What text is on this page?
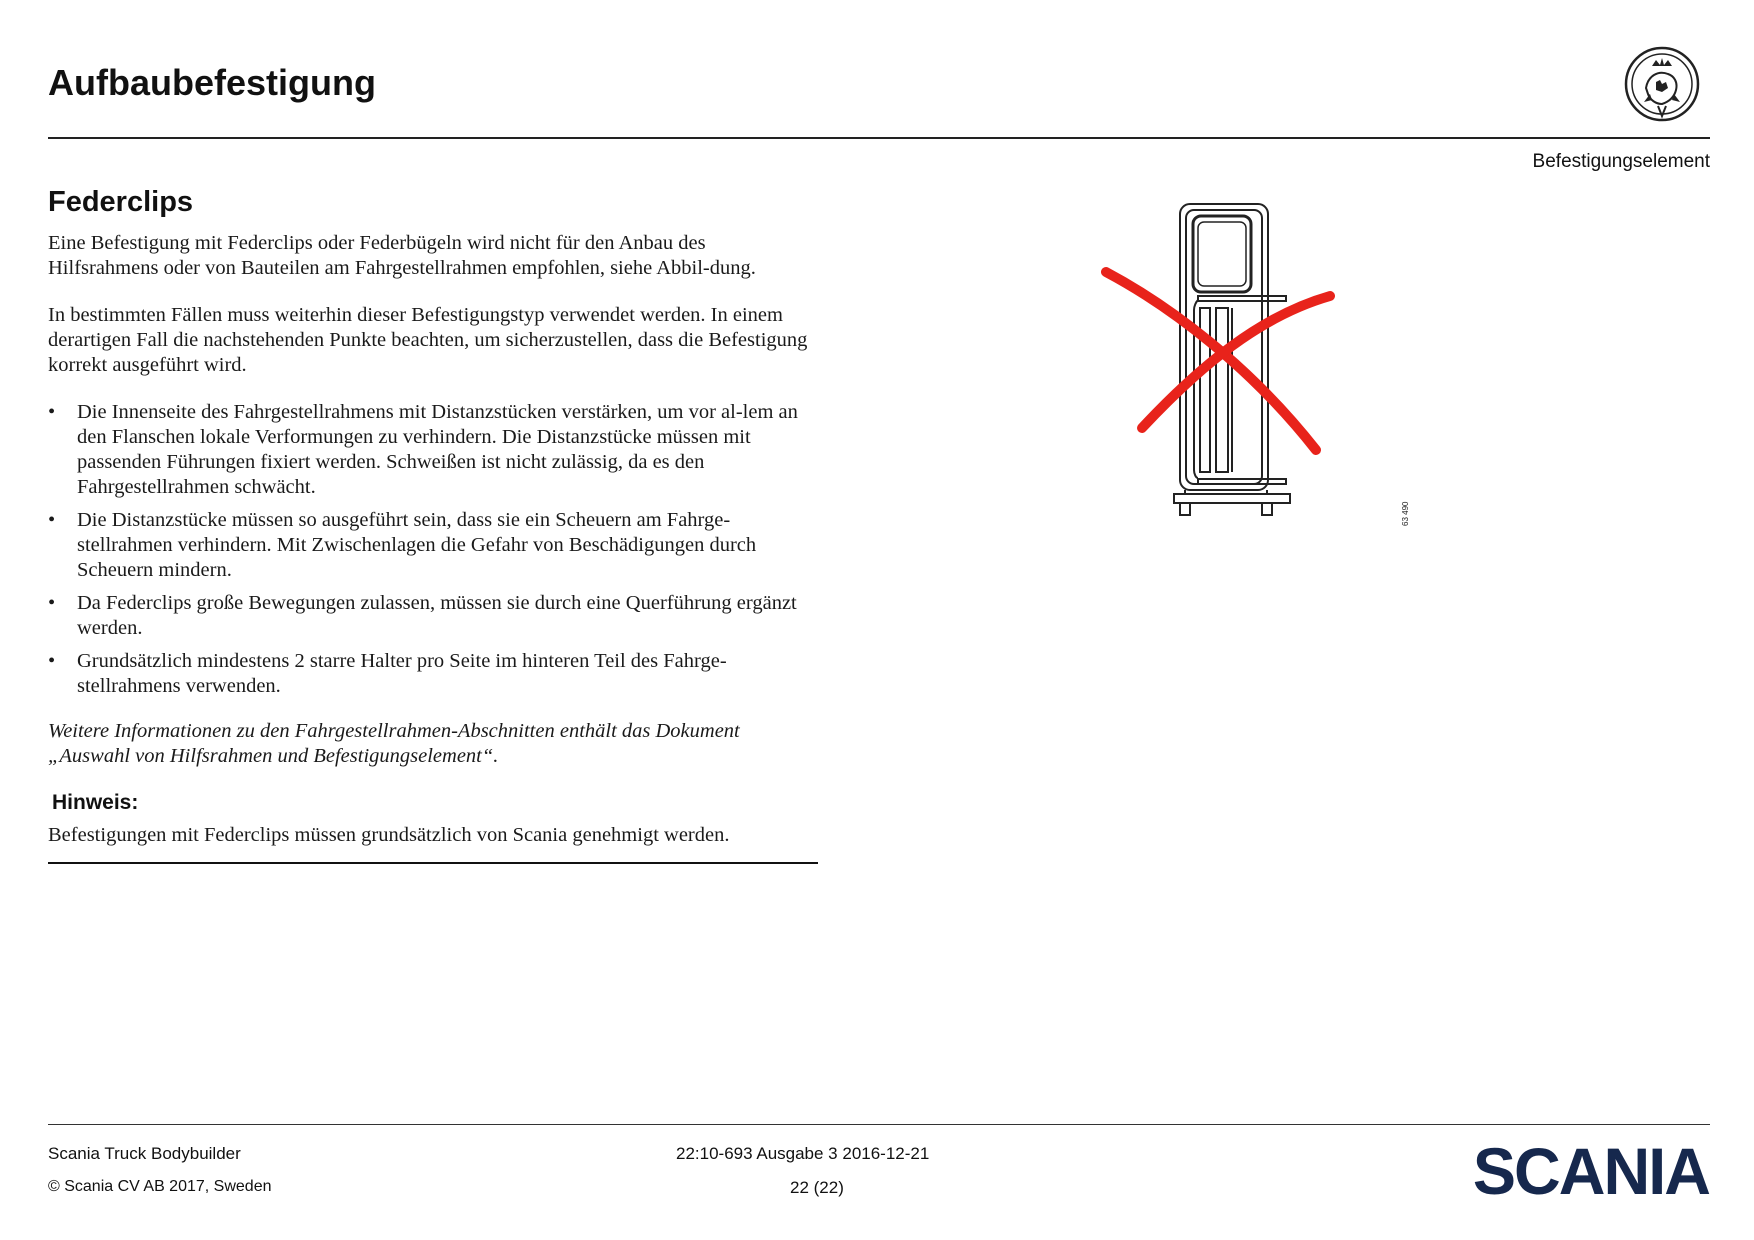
Aufbaubefestigung
Befestigungselement
Federclips

Eine Befestigung mit Federclips oder Federbügeln wird nicht für den Anbau des Hilfsrahmens oder von Bauteilen am Fahrgestellrahmen empfohlen, siehe Abbil-dung.

In bestimmten Fällen muss weiterhin dieser Befestigungstyp verwendet werden. In einem derartigen Fall die nachstehenden Punkte beachten, um sicherzustellen, dass die Befestigung korrekt ausgeführt wird.

• Die Innenseite des Fahrgestellrahmens mit Distanzstücken verstärken, um vor al-lem an den Flanschen lokale Verformungen zu verhindern. Die Distanzstücke müssen mit passenden Führungen fixiert werden. Schweißen ist nicht zulässig, da es den Fahrgestellrahmen schwächt.
• Die Distanzstücke müssen so ausgeführt sein, dass sie ein Scheuern am Fahrge-stellrahmen verhindern. Mit Zwischenlagen die Gefahr von Beschädigungen durch Scheuern mindern.
• Da Federclips große Bewegungen zulassen, müssen sie durch eine Querführung ergänzt werden.
• Grundsätzlich mindestens 2 starre Halter pro Seite im hinteren Teil des Fahrge-stellrahmens verwenden.

Weitere Informationen zu den Fahrgestellrahmen-Abschnitten enthält das Dokument „Auswahl von Hilfsrahmen und Befestigungselement“.

Hinweis:

Befestigungen mit Federclips müssen grundsätzlich von Scania genehmigt werden.

63 490
Scania Truck Bodybuilder
© Scania CV AB 2017, Sweden
22:10-693 Ausgabe 3 2016-12-21
22 (22)	SCANIA
